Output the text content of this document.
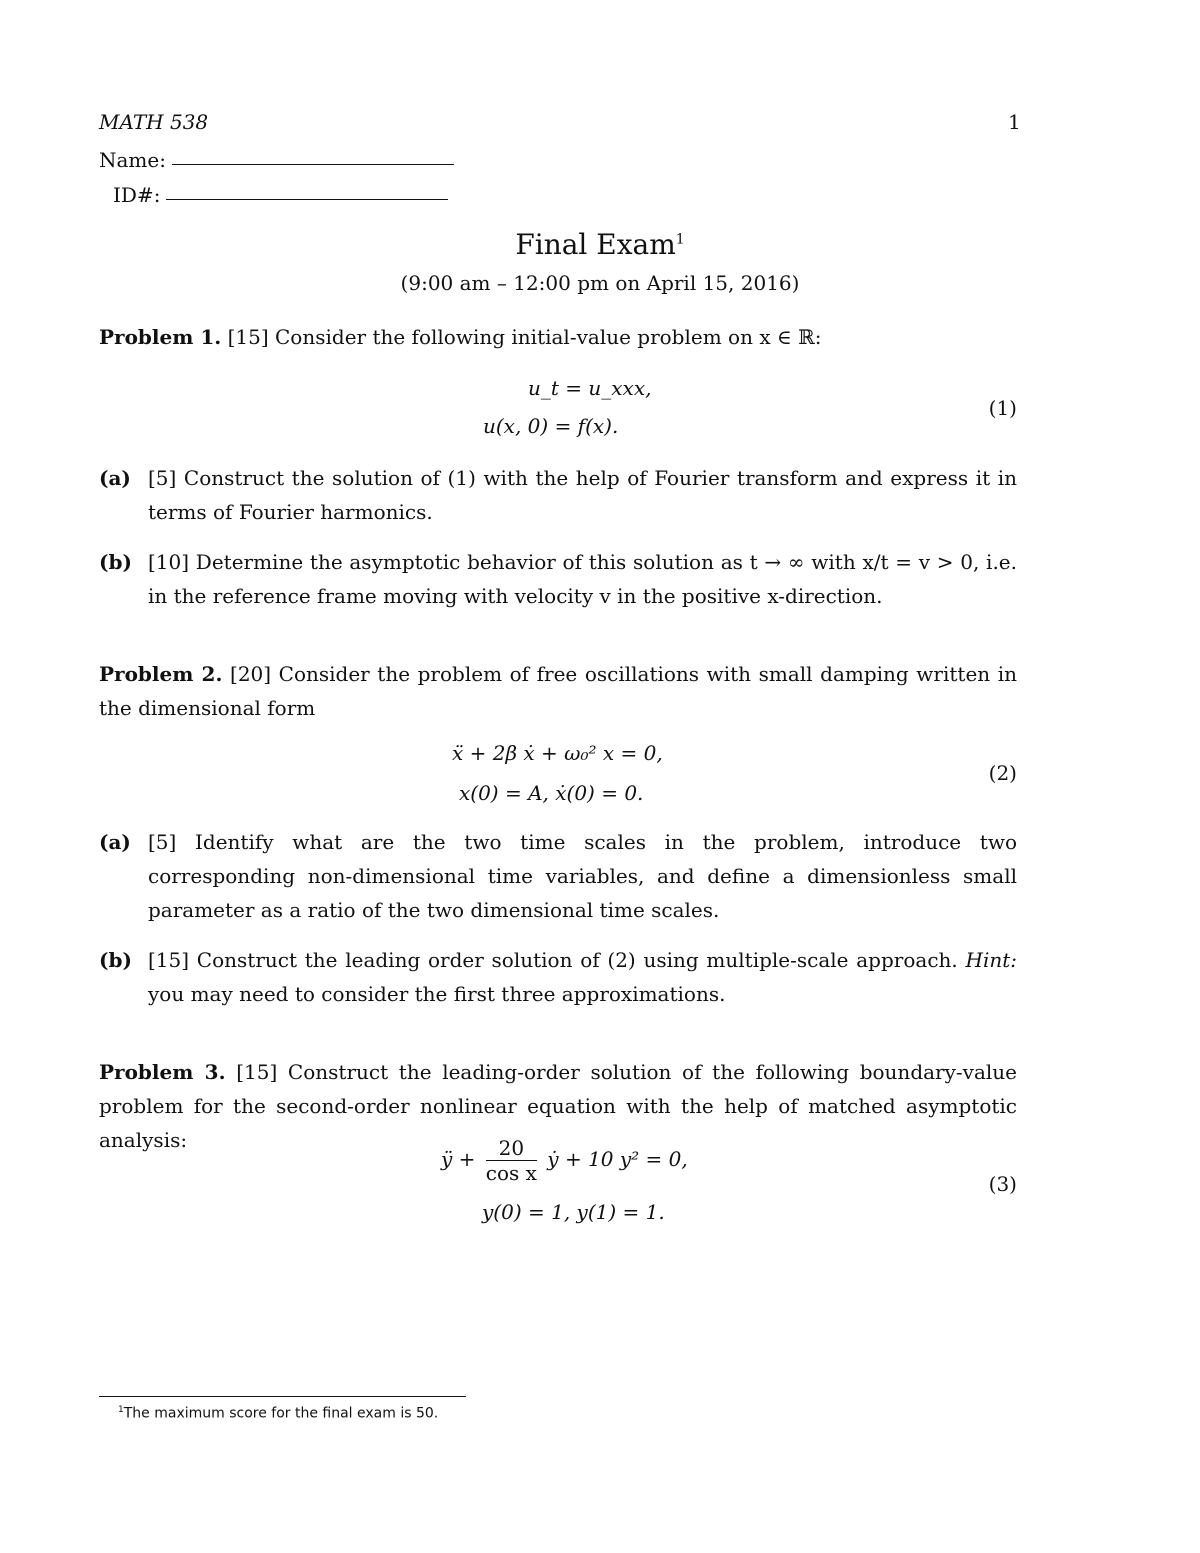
MATH 538	1
Name:
ID#:
Final Exam$^1$
(9:00 am – 12:00 pm on April 15, 2016)
Problem 1. [15] Consider the following initial-value problem on x ∈ ℝ:
u_t = u_xxx,
u(x, 0) = f(x).
(1)
(a) [5] Construct the solution of (1) with the help of Fourier transform and express it in terms of Fourier harmonics.
(b) [10] Determine the asymptotic behavior of this solution as t → ∞ with x/t = v > 0, i.e. in the reference frame moving with velocity v in the positive x-direction.
Problem 2. [20] Consider the problem of free oscillations with small damping written in the dimensional form
ẍ + 2β ẋ + ω₀² x = 0,
x(0) = A, ẋ(0) = 0.
(2)
(a) [5] Identify what are the two time scales in the problem, introduce two corresponding non-dimensional time variables, and define a dimensionless small parameter as a ratio of the two dimensional time scales.
(b) [15] Construct the leading order solution of (2) using multiple-scale approach. Hint: you may need to consider the first three approximations.
Problem 3. [15] Construct the leading-order solution of the following boundary-value problem for the second-order nonlinear equation with the help of matched asymptotic analysis:
ÿ + $\frac{20}{\text{cos x}}$ ẏ + 10 y² = 0,
y(0) = 1, y(1) = 1.
(3)
$^1$The maximum score for the final exam is 50.
